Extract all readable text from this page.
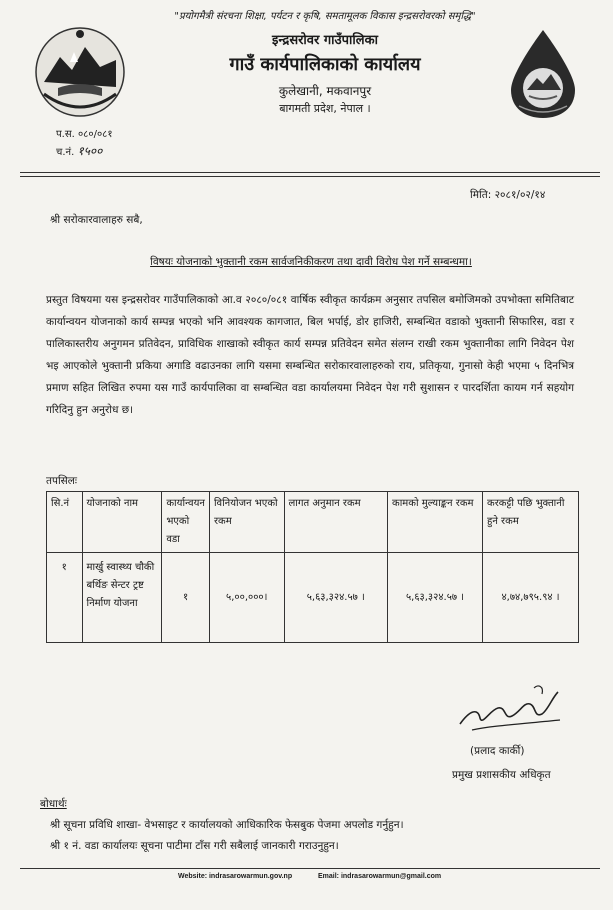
"प्रयोगमैत्री संरचना शिक्षा, पर्यटन र कृषि, समतामूलक विकास इन्द्रसरोवरको समृद्धि"
इन्द्रसरोवर गाउँपालिका
गाउँ कार्यपालिकाको कार्यालय
कुलेखानी, मकवानपुर
बागमती प्रदेश, नेपाल ।
प.स. ०८०/०८१
च.नं. १५००
मिति: २०८१/०२/१४
श्री सरोकारवालाहरु सबै,
विषयः योजनाको भुक्तानी रकम सार्वजनिकीकरण तथा दावी विरोध पेश गर्ने सम्बन्धमा।
प्रस्तुत विषयमा यस इन्द्रसरोवर गाउँपालिकाको आ.व २०८०/०८१ वार्षिक स्वीकृत कार्यक्रम अनुसार तपसिल बमोजिमको उपभोक्ता समितिबाट कार्यान्वयन योजनाको कार्य सम्पन्न भएको भनि आवश्यक कागजात, बिल भर्पाई, डोर हाजिरी, सम्बन्धित वडाको भुक्तानी सिफारिस, वडा र पालिकास्तरीय अनुगमन प्रतिवेदन, प्राविधिक शाखाको स्वीकृत कार्य सम्पन्न प्रतिवेदन समेत संलग्न राखी रकम भुक्तानीका लागि निवेदन पेश भइ आएकोले भुक्तानी प्रकिया अगाडि वढाउनका लागि यसमा सम्बन्धित सरोकारवालाहरुको राय, प्रतिकृया, गुनासो केही भएमा ५ दिनभित्र प्रमाण सहित लिखित रुपमा यस गाउँ कार्यपालिका वा सम्बन्धित वडा कार्यालयमा निवेदन पेश गरी सुशासन र पारदर्शिता कायम गर्न सहयोग गरिदिनु हुन अनुरोध छ।
तपसिलः
सि.नं	योजनाको नाम	कार्यान्वयन भएको वडा	विनियोजन भएको रकम	लागत अनुमान रकम	कामको मुल्याङ्कन रकम	करकट्टी पछि भुक्तानी हुने रकम
१	मार्खु स्वास्थ्य चौकी बर्थिङ सेन्टर ट्रष्ट निर्माण योजना	१	५,००,०००।	५,६३,३२४.५७ ।	५,६३,३२४.५७ ।	४,७४,७९५.९४ ।
(प्रलाद कार्की)
प्रमुख प्रशासकीय अधिकृत
बोधार्थः
श्री सूचना प्रविधि शाखा- वेभसाइट र कार्यालयको आधिकारिक फेसबुक पेजमा अपलोड गर्नुहुन।
श्री १ नं. वडा कार्यालयः सूचना पाटीमा टाँस गरी सबैलाई जानकारी गराउनुहुन।
Website: indrasarowarmun.gov.np	Email: indrasarowarmun@gmail.com
